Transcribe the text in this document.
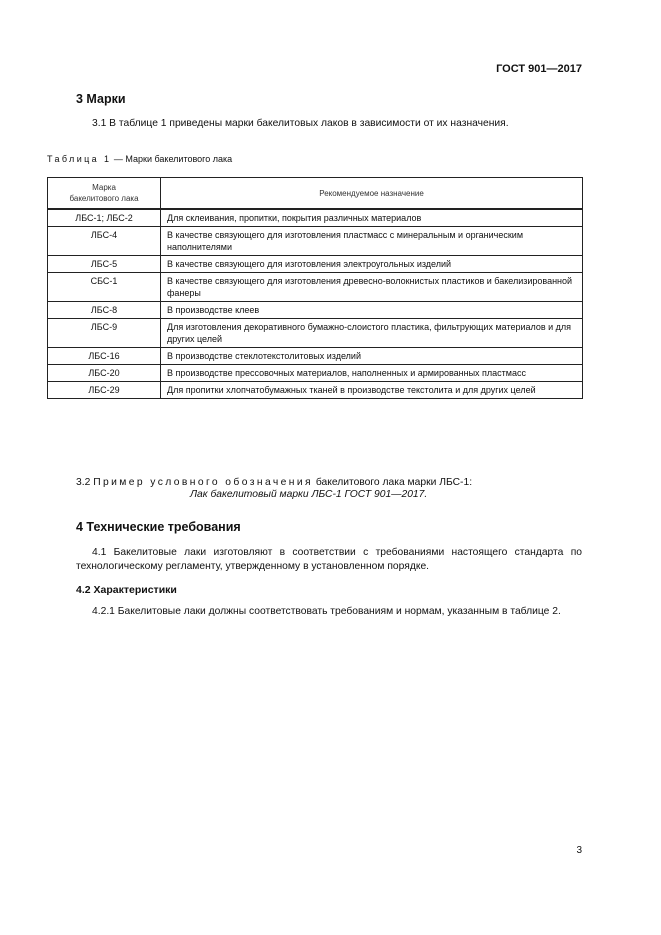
ГОСТ 901—2017
3 Марки

3.1 В таблице 1 приведены марки бакелитовых лаков в зависимости от их назначения.

Таблица 1 — Марки бакелитового лака
Марка
бакелитового лака	Рекомендуемое назначение
ЛБС-1; ЛБС-2	Для склеивания, пропитки, покрытия различных материалов
ЛБС-4	В качестве связующего для изготовления пластмасс с минеральным и органическим наполнителями
ЛБС-5	В качестве связующего для изготовления электроугольных изделий
СБС-1	В качестве связующего для изготовления древесно-волокнистых пластиков и бакелизированной фанеры
ЛБС-8	В производстве клеев
ЛБС-9	Для изготовления декоративного бумажно-слоистого пластика, фильтрующих материалов и для других целей
ЛБС-16	В производстве стеклотекстолитовых изделий
ЛБС-20	В производстве прессовочных материалов, наполненных и армированных пластмасс
ЛБС-29	Для пропитки хлопчатобумажных тканей в производстве текстолита и для других целей
3.2 Пример условного обозначения бакелитового лака марки ЛБС-1:
Лак бакелитовый марки ЛБС-1 ГОСТ 901—2017.
4 Технические требования

4.1 Бакелитовые лаки изготовляют в соответствии с требованиями настоящего стандарта по технологическому регламенту, утвержденному в установленном порядке.

4.2 Характеристики

4.2.1 Бакелитовые лаки должны соответствовать требованиям и нормам, указанным в таблице 2.

3
